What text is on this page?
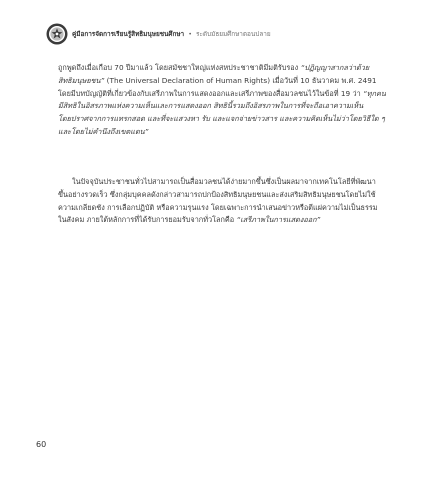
คู่มือการจัดการเรียนรู้สิทธิมนุษยชนศึกษา • ระดับมัธยมศึกษาตอนปลาย
ถูกพูดถึงเมื่อเกือบ 70 ปีมาแล้ว โดยสมัชชาใหญ่แห่งสหประชาชาติมีมติรับรอง “ปฏิญญาสากลว่าด้วย
สิทธิมนุษยชน” (The Universal Declaration of Human Rights) เมื่อวันที่ 10 ธันวาคม พ.ศ. 2491
โดยมีบทบัญญัติที่เกี่ยวข้องกับเสรีภาพในการแสดงออกและเสรีภาพของสื่อมวลชนไว้ในข้อที่ 19 ว่า “ทุกคน
มีสิทธิในอิสรภาพแห่งความเห็นและการแสดงออก สิทธินี้รวมถึงอิสรภาพในการที่จะถือเอาความเห็น
โดยปราศจากการแทรกสอด และที่จะแสวงหา รับ และแจกจ่ายข่าวสาร และความคิดเห็นไม่ว่าโดยวิธีใด ๆ
และโดยไม่คำนึงถึงเขตแดน”
ในปัจจุบันประชาชนทั่วไปสามารถเป็นสื่อมวลชนได้ง่ายมากขึ้นซึ่งเป็นผลมาจากเทคโนโลยีที่พัฒนา
ขึ้นอย่างรวดเร็ว ซึ่งกลุ่มบุคคลดังกล่าวสามารถปกป้องสิทธิมนุษยชนและส่งเสริมสิทธิมนุษยชนโดยไม่ใช้
ความเกลียดชัง การเลือกปฏิบัติ หรือความรุนแรง โดยเฉพาะการนำเสนอข่าวหรือตีแผ่ความไม่เป็นธรรม
ในสังคม ภายใต้หลักการที่ได้รับการยอมรับจากทั่วโลกคือ “เสรีภาพในการแสดงออก”
60
